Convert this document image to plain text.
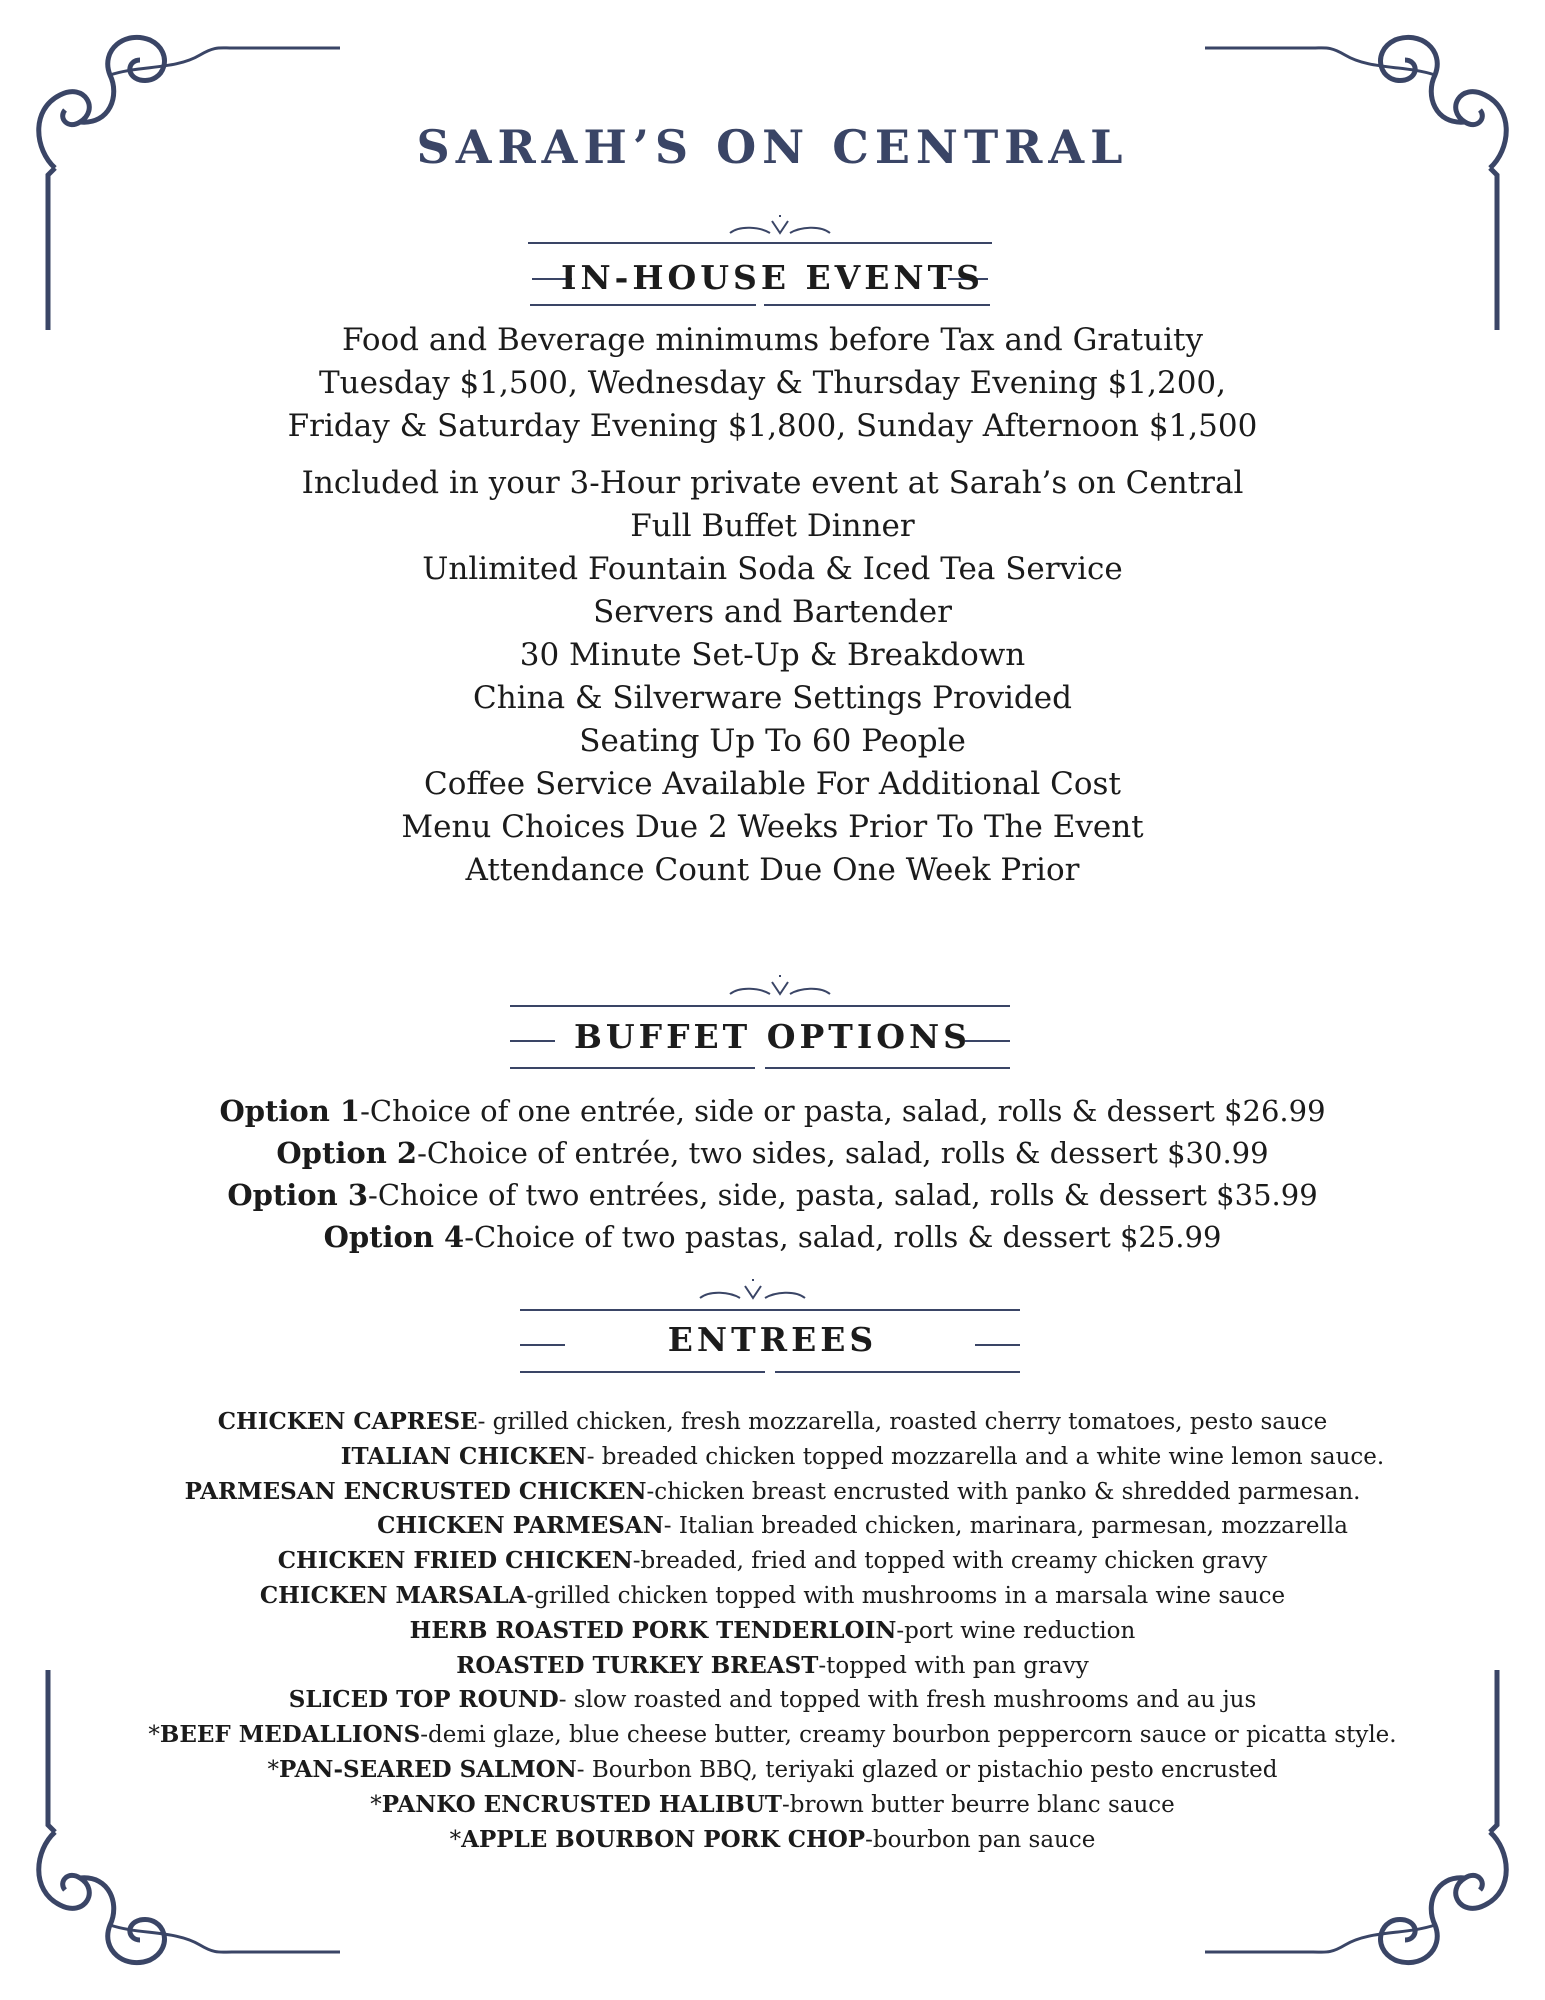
SARAH’S ON CENTRAL
IN-HOUSE EVENTS
Food and Beverage minimums before Tax and Gratuity
Tuesday $1,500, Wednesday & Thursday Evening $1,200,
Friday & Saturday Evening $1,800, Sunday Afternoon $1,500
Included in your 3-Hour private event at Sarah’s on Central
Full Buffet Dinner
Unlimited Fountain Soda & Iced Tea Service
Servers and Bartender
30 Minute Set-Up & Breakdown
China & Silverware Settings Provided
Seating Up To 60 People
Coffee Service Available For Additional Cost
Menu Choices Due 2 Weeks Prior To The Event
Attendance Count Due One Week Prior
BUFFET OPTIONS
Option 1-Choice of one entrée, side or pasta, salad, rolls & dessert $26.99
Option 2-Choice of entrée, two sides, salad, rolls & dessert $30.99
Option 3-Choice of two entrées, side, pasta, salad, rolls & dessert $35.99
Option 4-Choice of two pastas, salad, rolls & dessert $25.99
ENTREES
CHICKEN CAPRESE- grilled chicken, fresh mozzarella, roasted cherry tomatoes, pesto sauce
ITALIAN CHICKEN- breaded chicken topped mozzarella and a white wine lemon sauce.
PARMESAN ENCRUSTED CHICKEN-chicken breast encrusted with panko & shredded parmesan.
CHICKEN PARMESAN- Italian breaded chicken, marinara, parmesan, mozzarella
CHICKEN FRIED CHICKEN-breaded, fried and topped with creamy chicken gravy
CHICKEN MARSALA-grilled chicken topped with mushrooms in a marsala wine sauce
HERB ROASTED PORK TENDERLOIN-port wine reduction
ROASTED TURKEY BREAST-topped with pan gravy
SLICED TOP ROUND- slow roasted and topped with fresh mushrooms and au jus
*BEEF MEDALLIONS-demi glaze, blue cheese butter, creamy bourbon peppercorn sauce or picatta style.
*PAN-SEARED SALMON- Bourbon BBQ, teriyaki glazed or pistachio pesto encrusted
*PANKO ENCRUSTED HALIBUT-brown butter beurre blanc sauce
*APPLE BOURBON PORK CHOP-bourbon pan sauce
